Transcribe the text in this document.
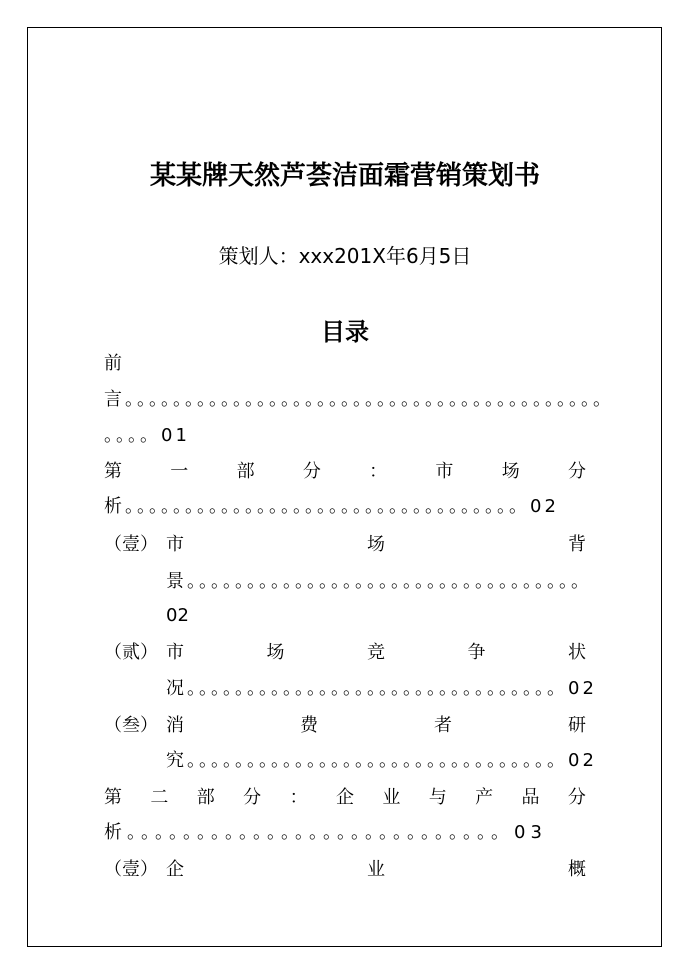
某某牌天然芦荟洁面霜营销策划书
策划人：xxx201X年6月5日
目录
前
言。。。。。。。。。。。。。。。。。。。。。。。。。。。。。。。。。。。。。。。。
。。。。01
第	一	部	分	：	市	场	分
析。。。。。。。。。。。。。。。。。。。。。。。。。。。。。。。。。02
（壹） 市	场	背
景。。。。。。。。。。。。。。。。。。。。。。。。。。。。。。。。。
02
（贰） 市	场	竞	争	状
况。。。。。。。。。。。。。。。。。。。。。。。。。。。。。。。02
（叁） 消	费	者	研
究。。。。。。。。。。。。。。。。。。。。。。。。。。。。。。。02
第 二 部 分 ： 企 业 与 产 品 分
析。。。。。。。。。。。。。。。。。。。。。。。。。。。03
（壹） 企	业	概
